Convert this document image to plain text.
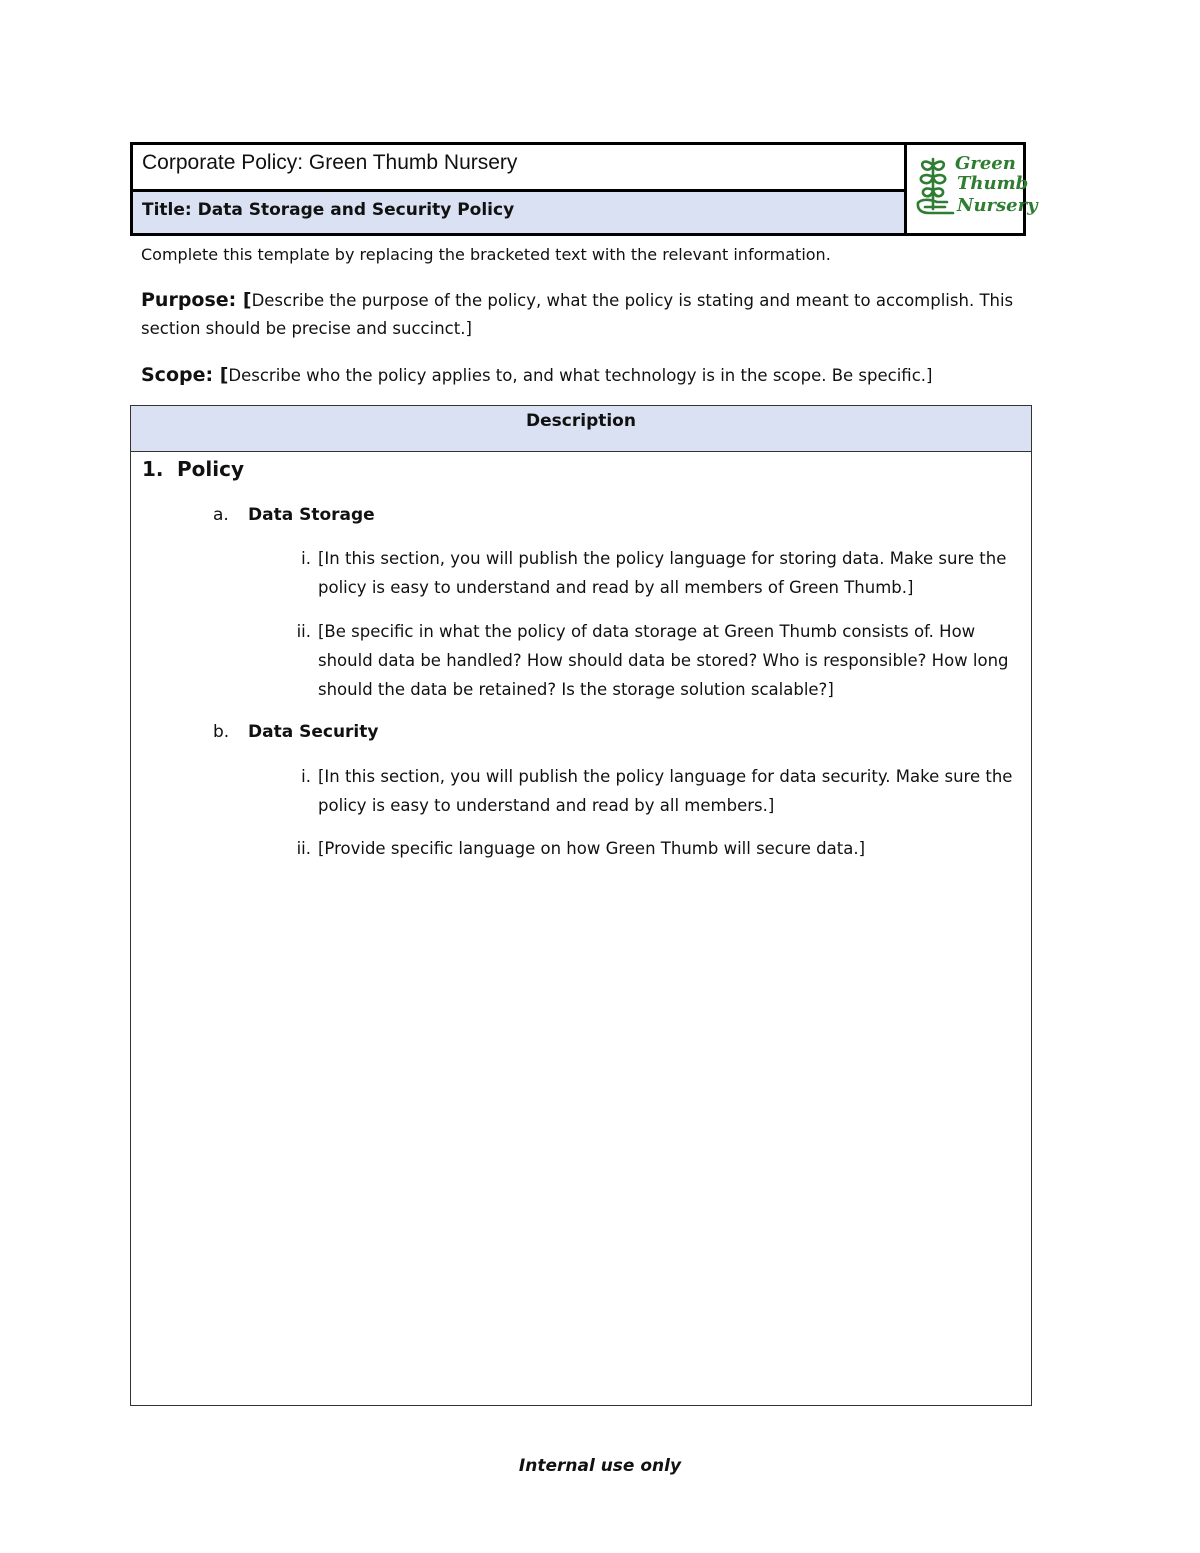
Corporate Policy: Green Thumb Nursery
Title: Data Storage and Security Policy
Green
Thumb
Nursery
Complete this template by replacing the bracketed text with the relevant information.
Purpose: [Describe the purpose of the policy, what the policy is stating and meant to accomplish. This section should be precise and succinct.]
Scope: [Describe who the policy applies to, and what technology is in the scope. Be specific.]
Description
1. Policy
a. Data Storage
i. [In this section, you will publish the policy language for storing data. Make sure the policy is easy to understand and read by all members of Green Thumb.]
ii. [Be specific in what the policy of data storage at Green Thumb consists of. How should data be handled? How should data be stored? Who is responsible? How long should the data be retained? Is the storage solution scalable?]
b. Data Security
i. [In this section, you will publish the policy language for data security. Make sure the policy is easy to understand and read by all members.]
ii. [Provide specific language on how Green Thumb will secure data.]
Internal use only
